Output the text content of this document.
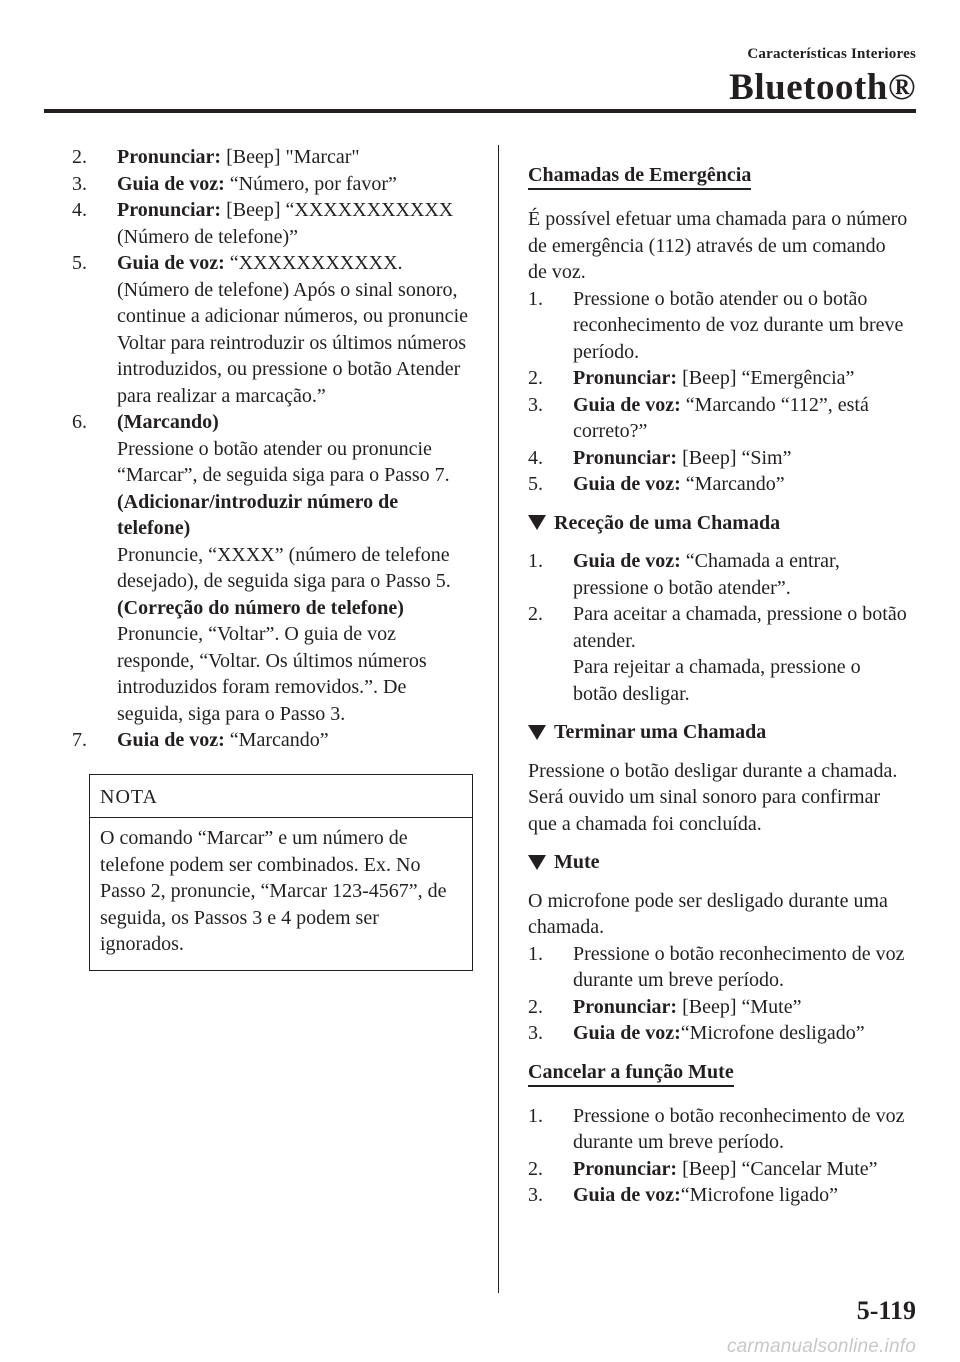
Características Interiores
Bluetooth®
2. Pronunciar: [Beep] "Marcar"
3. Guia de voz: “Número, por favor”
4. Pronunciar: [Beep] “XXXXXXXXXXX (Número de telefone)”
5. Guia de voz: “XXXXXXXXXXX. (Número de telefone) Após o sinal sonoro, continue a adicionar números, ou pronuncie Voltar para reintroduzir os últimos números introduzidos, ou pressione o botão Atender para realizar a marcação.”
6. (Marcando)
Pressione o botão atender ou pronuncie “Marcar”, de seguida siga para o Passo 7.
(Adicionar/introduzir número de telefone)
Pronuncie, “XXXX” (número de telefone desejado), de seguida siga para o Passo 5.
(Correção do número de telefone)
Pronuncie, “Voltar”. O guia de voz responde, “Voltar. Os últimos números introduzidos foram removidos.”. De seguida, siga para o Passo 3.
7. Guia de voz: “Marcando”
NOTA
O comando “Marcar” e um número de telefone podem ser combinados. Ex. No Passo 2, pronuncie, “Marcar 123-4567”, de seguida, os Passos 3 e 4 podem ser ignorados.
Chamadas de Emergência

É possível efetuar uma chamada para o número de emergência (112) através de um comando de voz.

1. Pressione o botão atender ou o botão reconhecimento de voz durante um breve período.
2. Pronunciar: [Beep] “Emergência”
3. Guia de voz: “Marcando “112”, está correto?”
4. Pronunciar: [Beep] “Sim”
5. Guia de voz: “Marcando”
Receção de uma Chamada
1. Guia de voz: “Chamada a entrar, pressione o botão atender”.
2. Para aceitar a chamada, pressione o botão atender.
Para rejeitar a chamada, pressione o botão desligar.
Terminar uma Chamada

Pressione o botão desligar durante a chamada. Será ouvido um sinal sonoro para confirmar que a chamada foi concluída.

Mute

O microfone pode ser desligado durante uma chamada.

1. Pressione o botão reconhecimento de voz durante um breve período.
2. Pronunciar: [Beep] “Mute”
3. Guia de voz:“Microfone desligado”
Cancelar a função Mute
1. Pressione o botão reconhecimento de voz durante um breve período.
2. Pronunciar: [Beep] “Cancelar Mute”
3. Guia de voz:“Microfone ligado”
5-119
carmanualsonline.info
